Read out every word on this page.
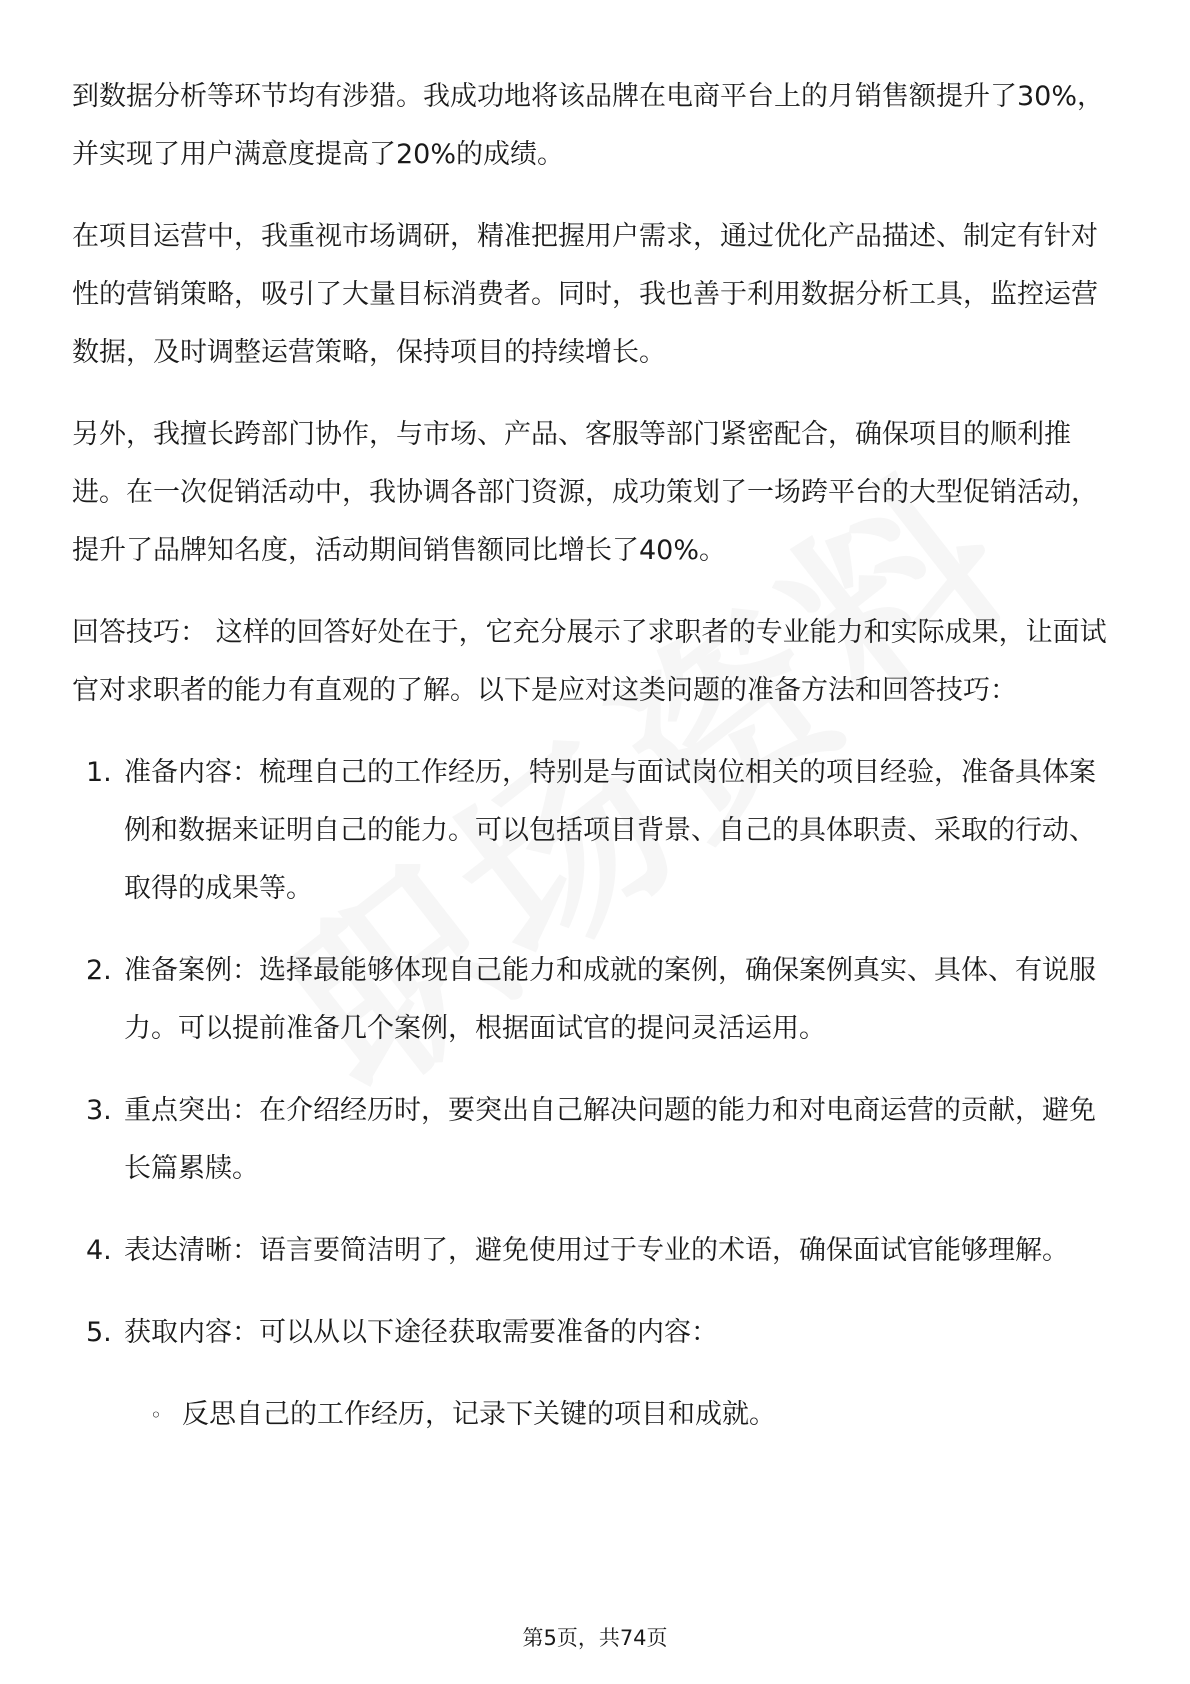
到数据分析等环节均有涉猎。我成功地将该品牌在电商平台上的月销售额提升了30%，并实现了用户满意度提高了20%的成绩。

在项目运营中，我重视市场调研，精准把握用户需求，通过优化产品描述、制定有针对性的营销策略，吸引了大量目标消费者。同时，我也善于利用数据分析工具，监控运营数据，及时调整运营策略，保持项目的持续增长。

另外，我擅长跨部门协作，与市场、产品、客服等部门紧密配合，确保项目的顺利推进。在一次促销活动中，我协调各部门资源，成功策划了一场跨平台的大型促销活动，提升了品牌知名度，活动期间销售额同比增长了40%。

回答技巧： 这样的回答好处在于，它充分展示了求职者的专业能力和实际成果，让面试官对求职者的能力有直观的了解。以下是应对这类问题的准备方法和回答技巧：

1. 准备内容：梳理自己的工作经历，特别是与面试岗位相关的项目经验，准备具体案例和数据来证明自己的能力。可以包括项目背景、自己的具体职责、采取的行动、取得的成果等。
2. 准备案例：选择最能够体现自己能力和成就的案例，确保案例真实、具体、有说服力。可以提前准备几个案例，根据面试官的提问灵活运用。
3. 重点突出：在介绍经历时，要突出自己解决问题的能力和对电商运营的贡献，避免长篇累牍。
4. 表达清晰：语言要简洁明了，避免使用过于专业的术语，确保面试官能够理解。
5. 获取内容：可以从以下途径获取需要准备的内容：
◦ 反思自己的工作经历，记录下关键的项目和成就。
第5页，共74页
